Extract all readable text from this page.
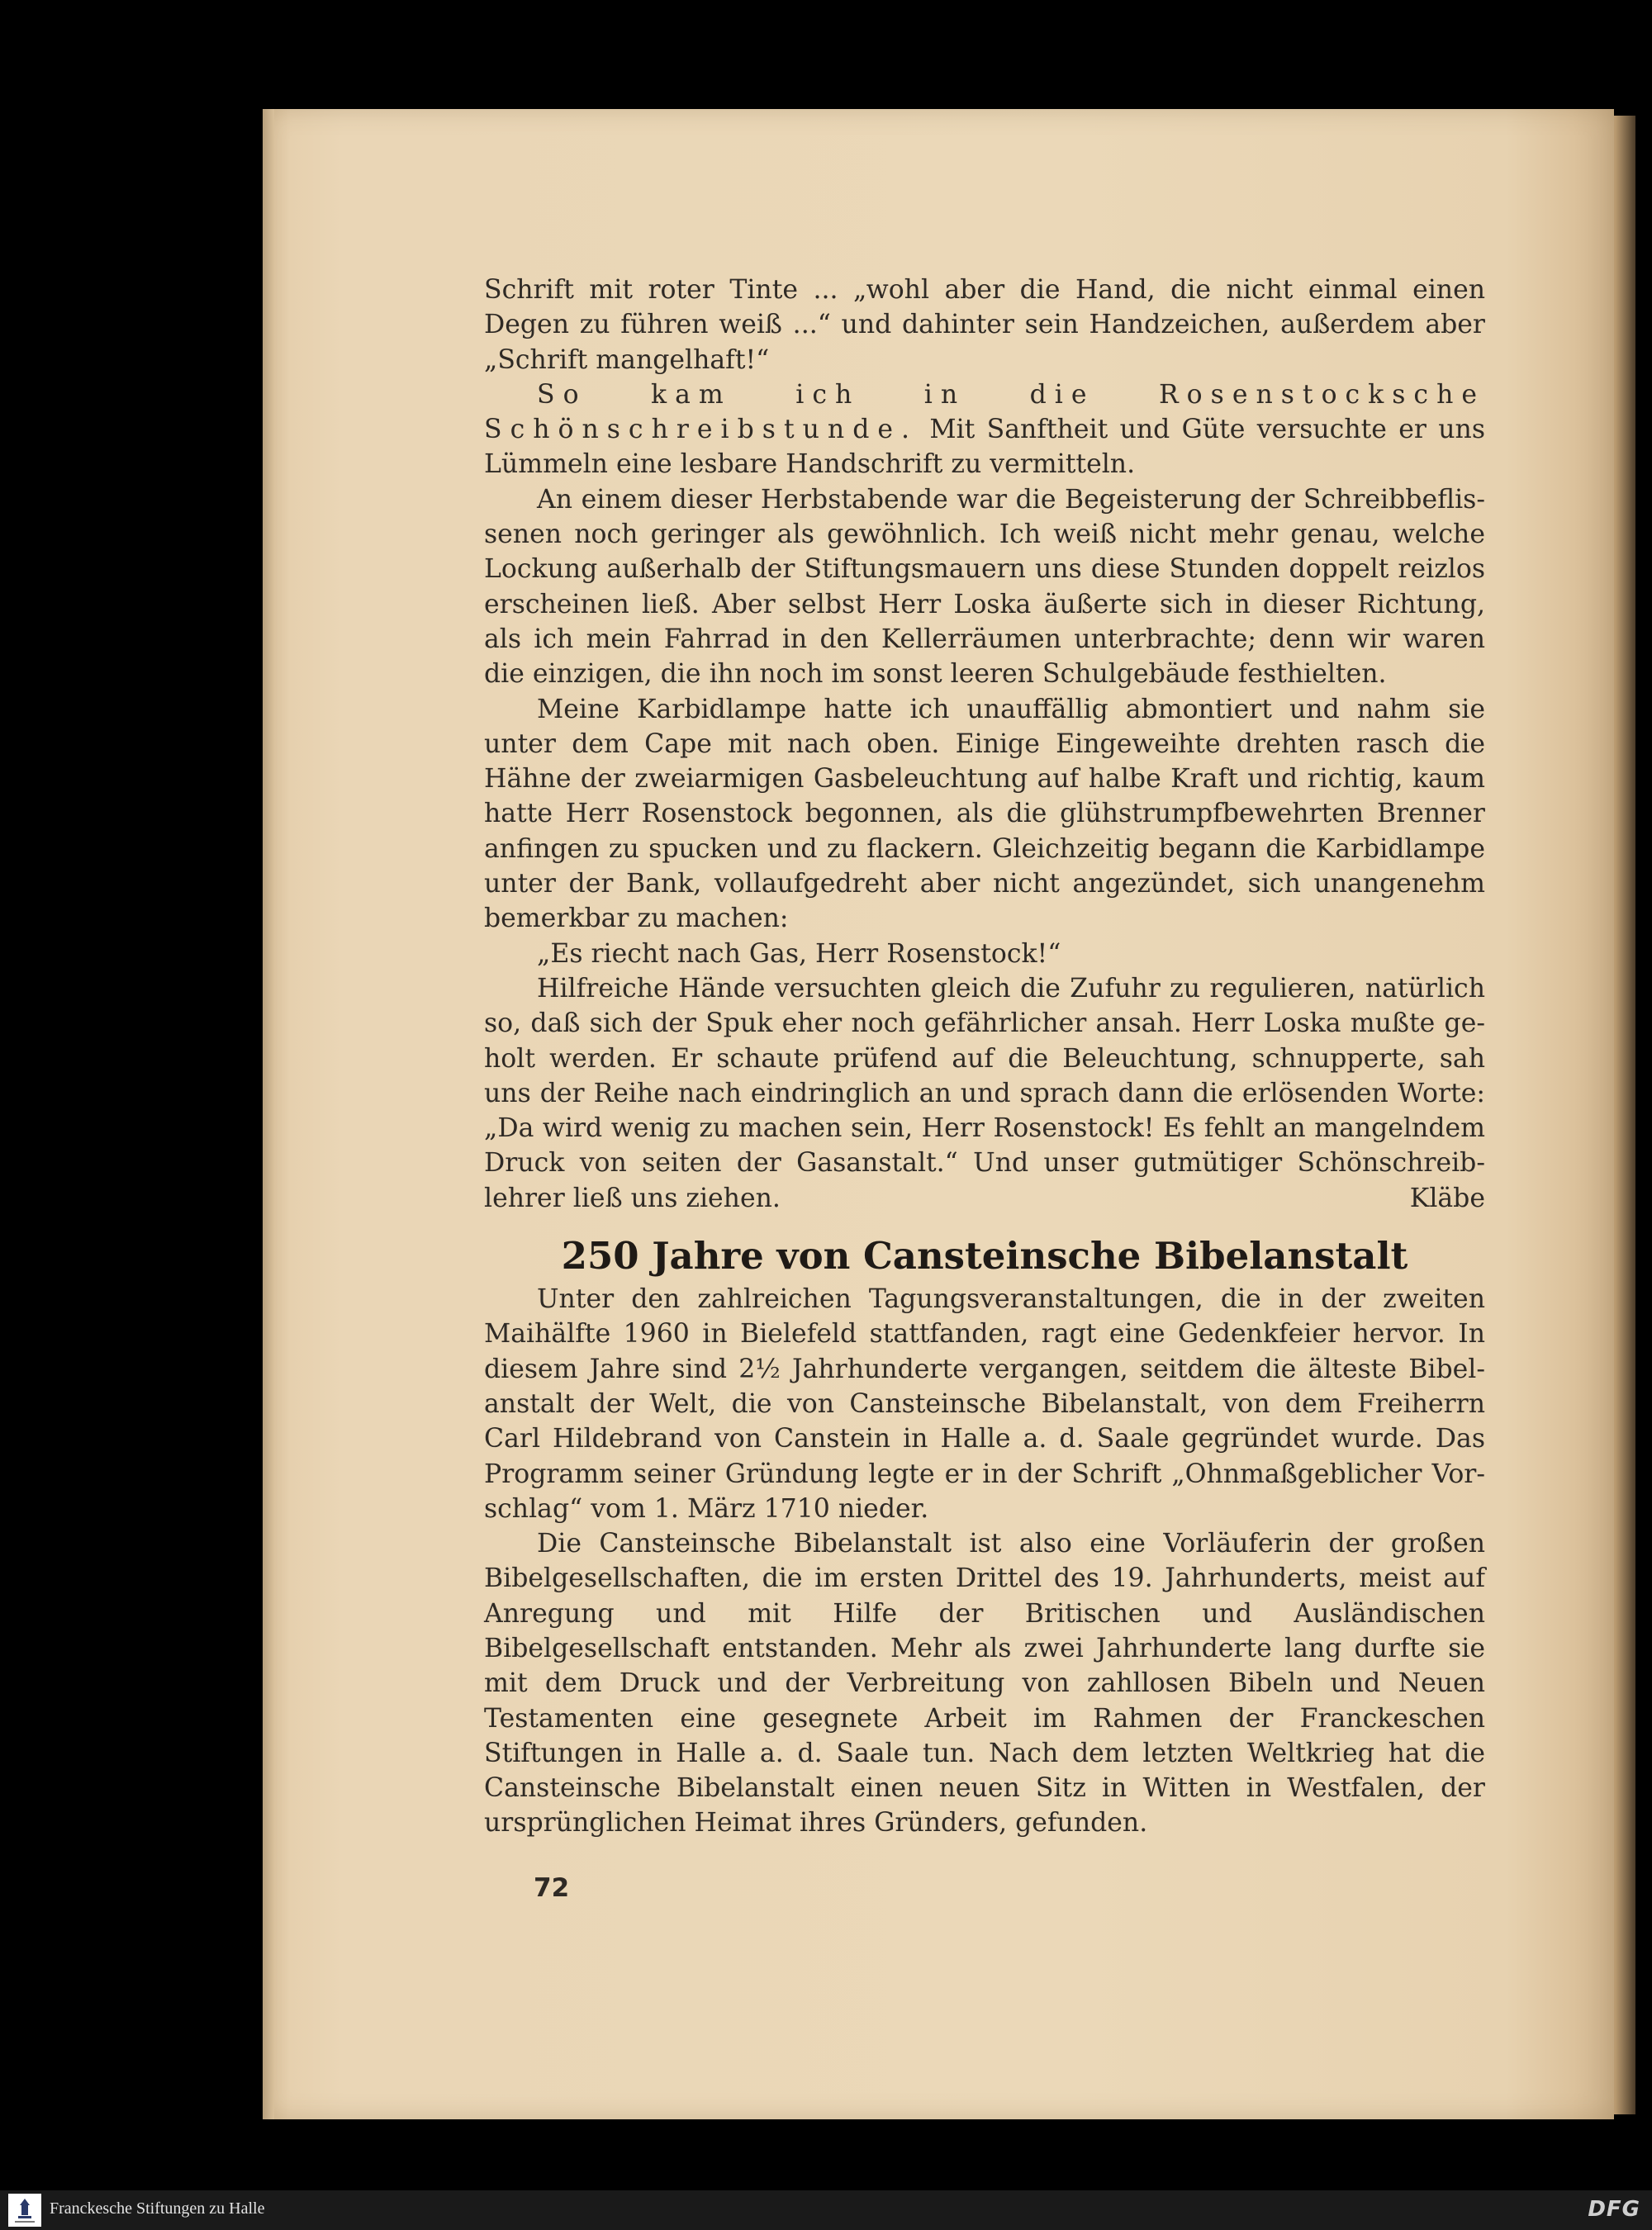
Schrift mit roter Tinte ... „wohl aber die Hand, die nicht einmal einen Degen zu führen weiß ...“ und dahinter sein Handzeichen, außerdem aber „Schrift mangelhaft!“

So kam ich in die Rosenstocksche Schönschreibstunde. Mit Sanftheit und Güte versuchte er uns Lümmeln eine lesbare Handschrift zu vermitteln.

An einem dieser Herbstabende war die Begeisterung der Schreibbeflissenen noch geringer als gewöhnlich. Ich weiß nicht mehr genau, welche Lockung außerhalb der Stiftungsmauern uns diese Stunden doppelt reizlos erscheinen ließ. Aber selbst Herr Loska äußerte sich in dieser Richtung, als ich mein Fahrrad in den Kellerräumen unterbrachte; denn wir waren die einzigen, die ihn noch im sonst leeren Schulgebäude festhielten.

Meine Karbidlampe hatte ich unauffällig abmontiert und nahm sie unter dem Cape mit nach oben. Einige Eingeweihte drehten rasch die Hähne der zweiarmigen Gasbeleuchtung auf halbe Kraft und richtig, kaum hatte Herr Rosenstock begonnen, als die glühstrumpfbewehrten Brenner anfingen zu spucken und zu flackern. Gleichzeitig begann die Karbidlampe unter der Bank, vollaufgedreht aber nicht angezündet, sich unangenehm bemerkbar zu machen:

„Es riecht nach Gas, Herr Rosenstock!“

Hilfreiche Hände versuchten gleich die Zufuhr zu regulieren, natürlich so, daß sich der Spuk eher noch gefährlicher ansah. Herr Loska mußte geholt werden. Er schaute prüfend auf die Beleuchtung, schnupperte, sah uns der Reihe nach eindringlich an und sprach dann die erlösenden Worte: „Da wird wenig zu machen sein, Herr Rosenstock! Es fehlt an mangelndem Druck von seiten der Gasanstalt.“ Und unser gutmütiger Schönschreiblehrer ließ uns ziehen.	Kläbe

250 Jahre von Cansteinsche Bibelanstalt

Unter den zahlreichen Tagungsveranstaltungen, die in der zweiten Maihälfte 1960 in Bielefeld stattfanden, ragt eine Gedenkfeier hervor. In diesem Jahre sind 2½ Jahrhunderte vergangen, seitdem die älteste Bibelanstalt der Welt, die von Cansteinsche Bibelanstalt, von dem Freiherrn Carl Hildebrand von Canstein in Halle a. d. Saale gegründet wurde. Das Programm seiner Gründung legte er in der Schrift „Ohnmaßgeblicher Vorschlag“ vom 1. März 1710 nieder.

Die Cansteinsche Bibelanstalt ist also eine Vorläuferin der großen Bibelgesellschaften, die im ersten Drittel des 19. Jahrhunderts, meist auf Anregung und mit Hilfe der Britischen und Ausländischen Bibelgesellschaft entstanden. Mehr als zwei Jahrhunderte lang durfte sie mit dem Druck und der Verbreitung von zahllosen Bibeln und Neuen Testamenten eine gesegnete Arbeit im Rahmen der Franckeschen Stiftungen in Halle a. d. Saale tun. Nach dem letzten Weltkrieg hat die Cansteinsche Bibelanstalt einen neuen Sitz in Witten in Westfalen, der ursprünglichen Heimat ihres Gründers, gefunden.

72
Franckesche Stiftungen zu Halle	DFG
